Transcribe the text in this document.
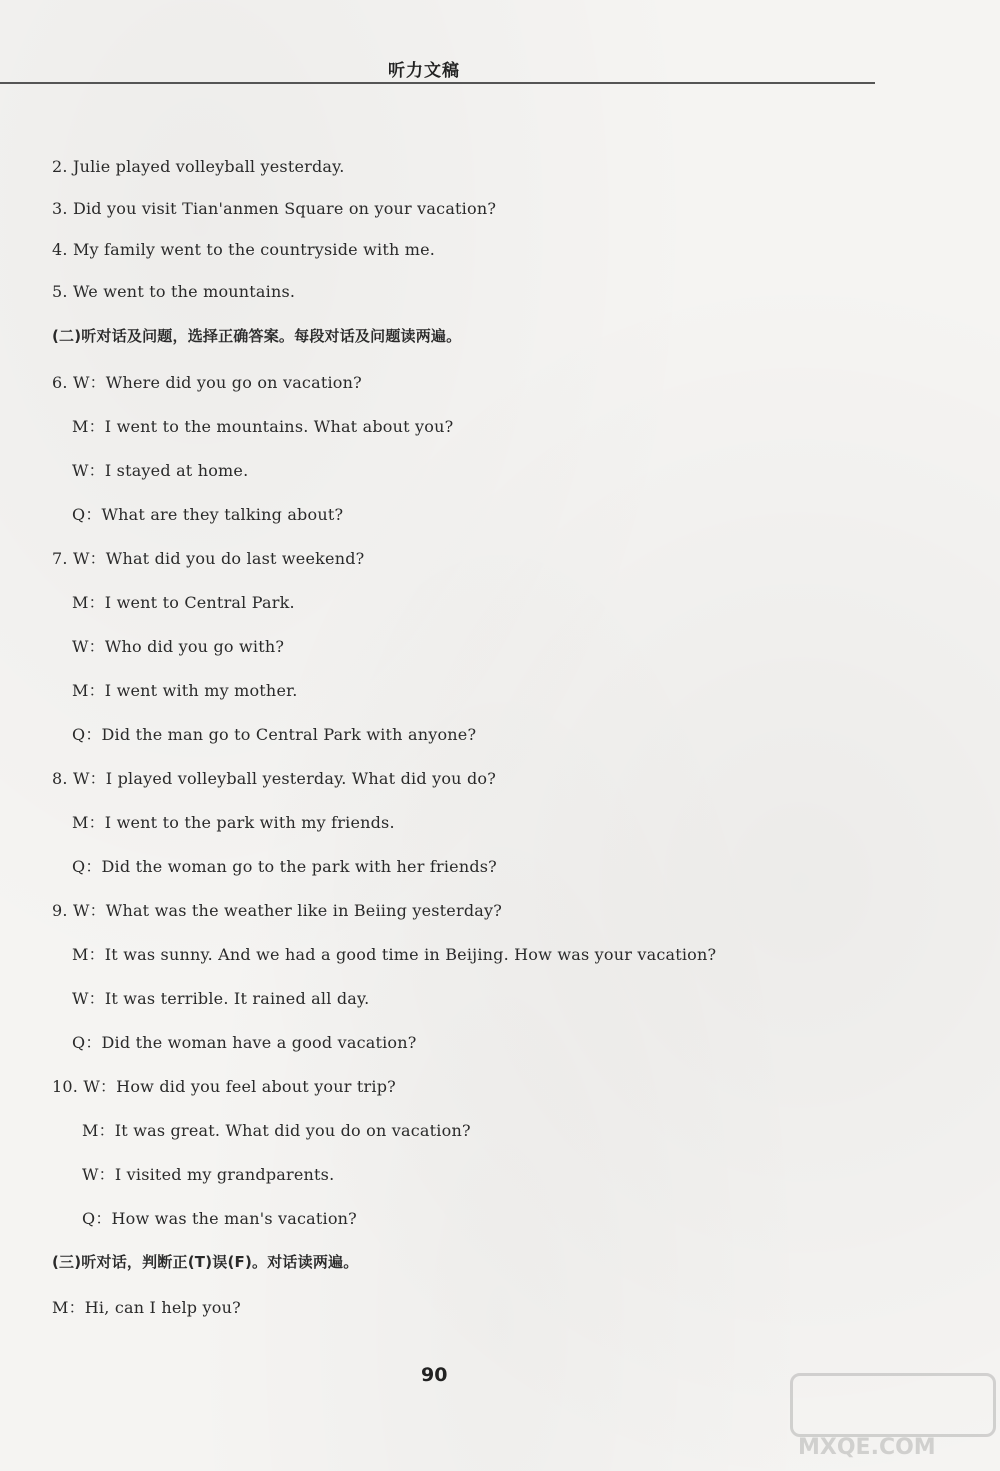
听力文稿
2. Julie played volleyball yesterday.
3. Did you visit Tian'anmen Square on your vacation?
4. My family went to the countryside with me.
5. We went to the mountains.
(二)听对话及问题，选择正确答案。每段对话及问题读两遍。
6. W：Where did you go on vacation?
M：I went to the mountains. What about you?
W：I stayed at home.
Q：What are they talking about?
7. W：What did you do last weekend?
M：I went to Central Park.
W：Who did you go with?
M：I went with my mother.
Q：Did the man go to Central Park with anyone?
8. W：I played volleyball yesterday. What did you do?
M：I went to the park with my friends.
Q：Did the woman go to the park with her friends?
9. W：What was the weather like in Beiing yesterday?
M：It was sunny. And we had a good time in Beijing. How was your vacation?
W：It was terrible. It rained all day.
Q：Did the woman have a good vacation?
10. W：How did you feel about your trip?
M：It was great. What did you do on vacation?
W：I visited my grandparents.
Q：How was the man's vacation?
(三)听对话，判断正(T)误(F)。对话读两遍。
M：Hi, can I help you?
90
MXQE.COM
